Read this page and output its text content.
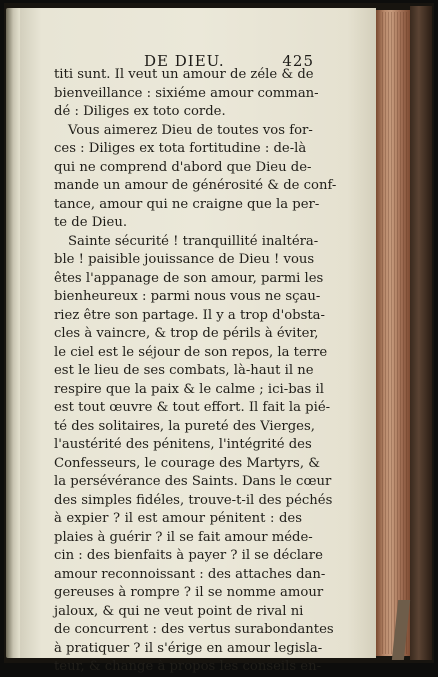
DE DIEU.	425
titi sunt. Il veut un amour de zéle & de
bienveillance : sixiéme amour comman-
dé : Diliges ex toto corde.
Vous aimerez Dieu de toutes vos for-
ces : Diliges ex tota fortitudine : de-là
qui ne comprend d'abord que Dieu de-
mande un amour de générosité & de conf-
tance, amour qui ne craigne que la per-
te de Dieu.
Sainte sécurité ! tranquillité inaltéra-
ble ! paisible jouissance de Dieu ! vous
êtes l'appanage de son amour, parmi les
bienheureux : parmi nous vous ne sçau-
riez être son partage. Il y a trop d'obsta-
cles à vaincre, & trop de périls à éviter,
le ciel est le séjour de son repos, la terre
est le lieu de ses combats, là-haut il ne
respire que la paix & le calme ; ici-bas il
est tout œuvre & tout effort. Il fait la pié-
té des solitaires, la pureté des Vierges,
l'austérité des pénitens, l'intégrité des
Confesseurs, le courage des Martyrs, &
la persévérance des Saints. Dans le cœur
des simples fidéles, trouve-t-il des péchés
à expier ? il est amour pénitent : des
plaies à guérir ? il se fait amour méde-
cin : des bienfaits à payer ? il se déclare
amour reconnoissant : des attaches dan-
gereuses à rompre ? il se nomme amour
jaloux, & qui ne veut point de rival ni
de concurrent : des vertus surabondantes
à pratiquer ? il s'érige en amour legisla-
teur, & change à propos les conseils en-
